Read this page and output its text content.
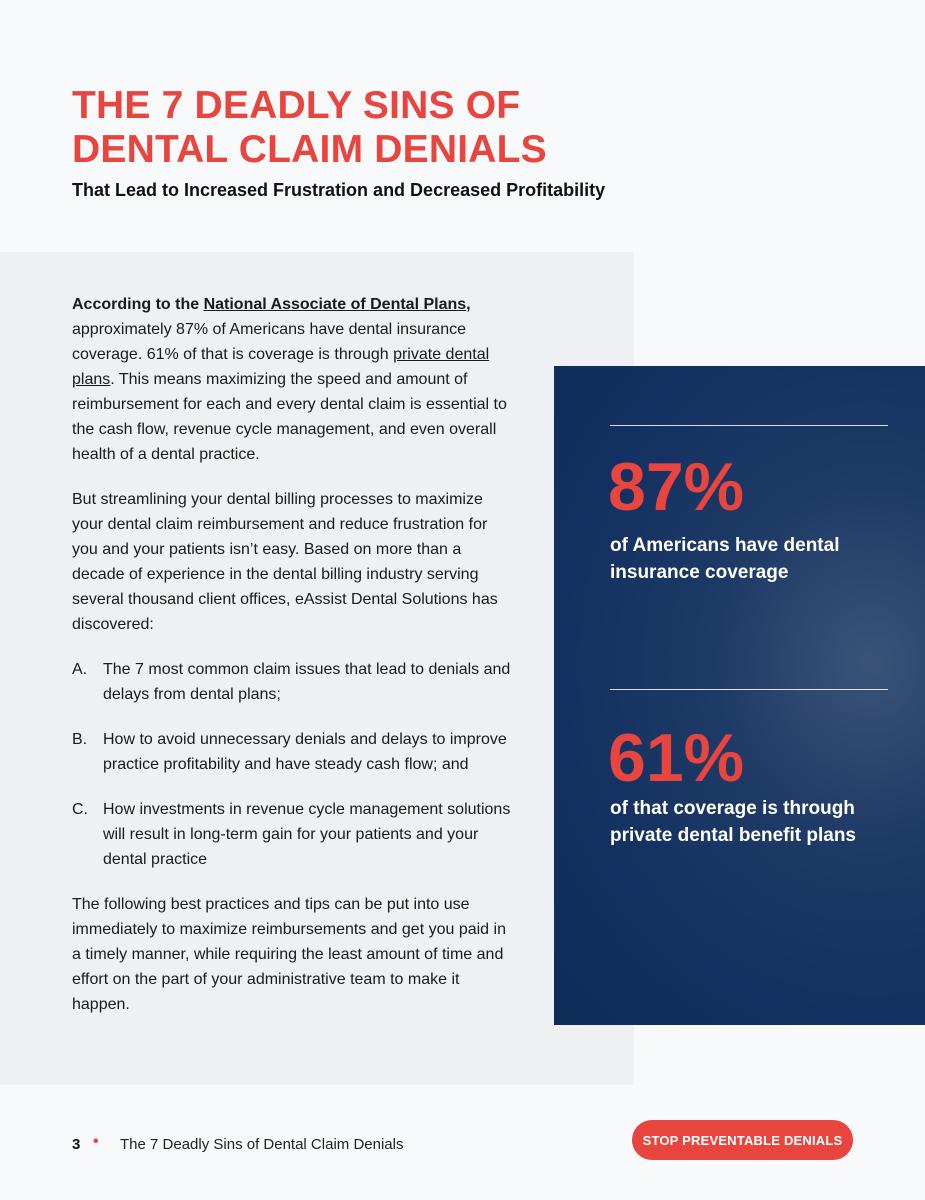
THE 7 DEADLY SINS OF
DENTAL CLAIM DENIALS
That Lead to Increased Frustration and Decreased Profitability

According to the National Associate of Dental Plans, approximately 87% of Americans have dental insurance coverage. 61% of that is coverage is through private dental plans. This means maximizing the speed and amount of reimbursement for each and every dental claim is essential to the cash flow, revenue cycle management, and even overall health of a dental practice.

But streamlining your dental billing processes to maximize your dental claim reimbursement and reduce frustration for you and your patients isn’t easy. Based on more than a decade of experience in the dental billing industry serving several thousand client offices, eAssist Dental Solutions has discovered:

A. The 7 most common claim issues that lead to denials and delays from dental plans;
B. How to avoid unnecessary denials and delays to improve practice profitability and have steady cash flow; and
C. How investments in revenue cycle management solutions will result in long-term gain for your patients and your dental practice

The following best practices and tips can be put into use immediately to maximize reimbursements and get you paid in a timely manner, while requiring the least amount of time and effort on the part of your administrative team to make it happen.

87%
of Americans have dental insurance coverage
61%
of that coverage is through private dental benefit plans
3 • The 7 Deadly Sins of Dental Claim Denials	STOP PREVENTABLE DENIALS
